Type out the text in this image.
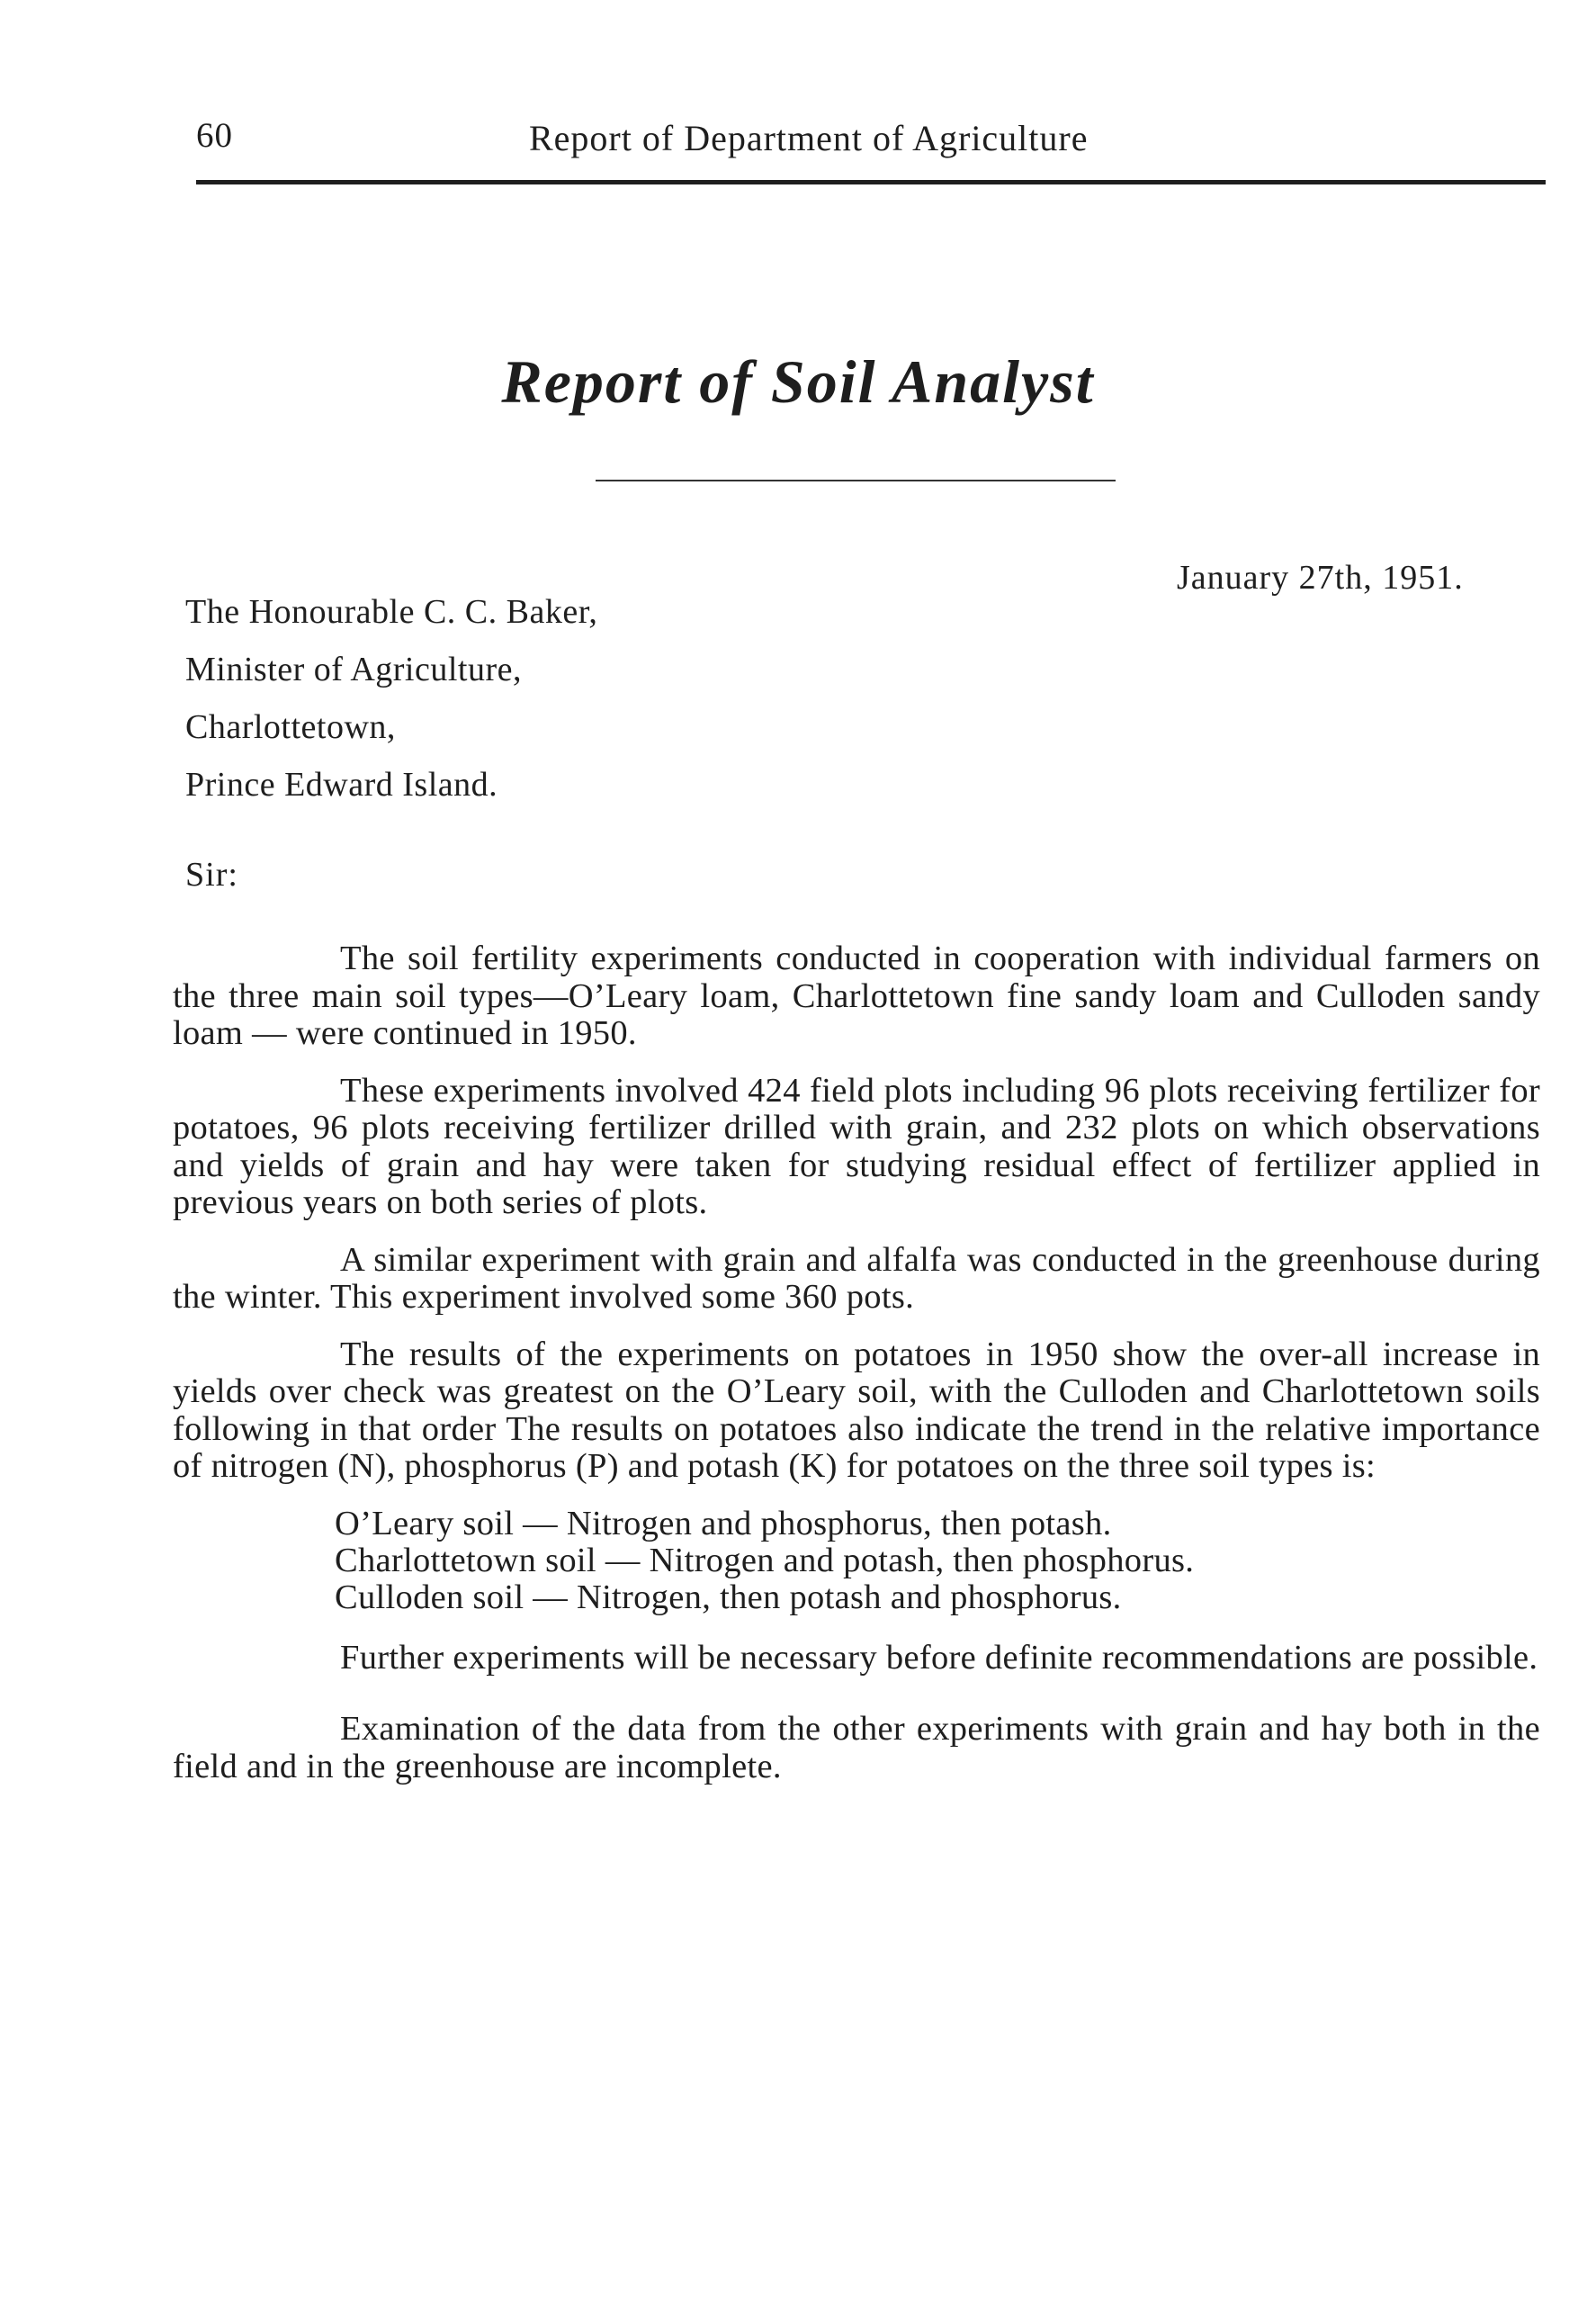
60	Report of Department of Agriculture
Report of Soil Analyst
January 27th, 1951.
The Honourable C. C. Baker,
Minister of Agriculture,
Charlottetown,
Prince Edward Island.
Sir:

The soil fertility experiments conducted in cooperation with individual farmers on the three main soil types—O’Leary loam, Charlottetown fine sandy loam and Culloden sandy loam — were continued in 1950.

These experiments involved 424 field plots including 96 plots receiving fertilizer for potatoes, 96 plots receiving fertilizer drilled with grain, and 232 plots on which observations and yields of grain and hay were taken for studying residual effect of fertilizer applied in previous years on both series of plots.

A similar experiment with grain and alfalfa was conducted in the greenhouse during the winter. This experiment involved some 360 pots.

The results of the experiments on potatoes in 1950 show the over-all increase in yields over check was greatest on the O’Leary soil, with the Culloden and Charlottetown soils following in that order The results on potatoes also indicate the trend in the relative importance of nitrogen (N), phosphorus (P) and potash (K) for potatoes on the three soil types is:

O’Leary soil — Nitrogen and phosphorus, then potash.
Charlottetown soil — Nitrogen and potash, then phosphorus.
Culloden soil — Nitrogen, then potash and phosphorus.

Further experiments will be necessary before definite recommendations are possible.

Examination of the data from the other experiments with grain and hay both in the field and in the greenhouse are incomplete.
